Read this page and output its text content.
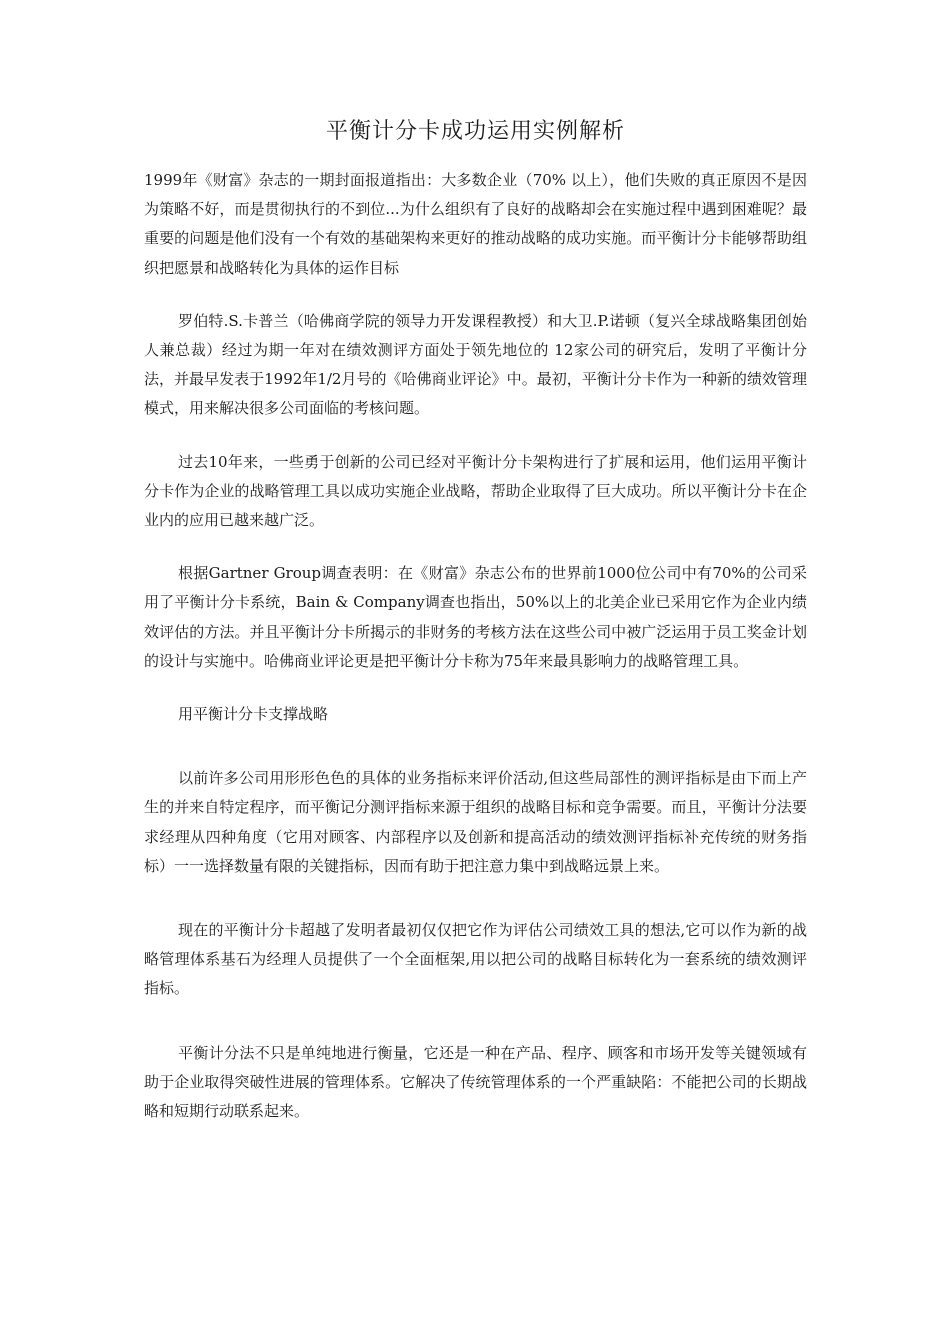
平衡计分卡成功运用实例解析

1999年《财富》杂志的一期封面报道指出：大多数企业（70% 以上），他们失败的真正原因不是因为策略不好，而是贯彻执行的不到位...为什么组织有了良好的战略却会在实施过程中遇到困难呢？最重要的问题是他们没有一个有效的基础架构来更好的推动战略的成功实施。而平衡计分卡能够帮助组织把愿景和战略转化为具体的运作目标

罗伯特.S.卡普兰（哈佛商学院的领导力开发课程教授）和大卫.P.诺顿（复兴全球战略集团创始人兼总裁）经过为期一年对在绩效测评方面处于领先地位的 12家公司的研究后，发明了平衡计分法，并最早发表于1992年1/2月号的《哈佛商业评论》中。最初，平衡计分卡作为一种新的绩效管理模式，用来解决很多公司面临的考核问题。

过去10年来，一些勇于创新的公司已经对平衡计分卡架构进行了扩展和运用，他们运用平衡计分卡作为企业的战略管理工具以成功实施企业战略，帮助企业取得了巨大成功。所以平衡计分卡在企业内的应用已越来越广泛。

根据Gartner Group调查表明：在《财富》杂志公布的世界前1000位公司中有70%的公司采用了平衡计分卡系统，Bain & Company调查也指出，50%以上的北美企业已采用它作为企业内绩效评估的方法。并且平衡计分卡所揭示的非财务的考核方法在这些公司中被广泛运用于员工奖金计划的设计与实施中。哈佛商业评论更是把平衡计分卡称为75年来最具影响力的战略管理工具。

用平衡计分卡支撑战略

以前许多公司用形形色色的具体的业务指标来评价活动,但这些局部性的测评指标是由下而上产生的并来自特定程序，而平衡记分测评指标来源于组织的战略目标和竞争需要。而且，平衡计分法要求经理从四种角度（它用对顾客、内部程序以及创新和提高活动的绩效测评指标补充传统的财务指标）一一选择数量有限的关键指标，因而有助于把注意力集中到战略远景上来。

现在的平衡计分卡超越了发明者最初仅仅把它作为评估公司绩效工具的想法,它可以作为新的战略管理体系基石为经理人员提供了一个全面框架,用以把公司的战略目标转化为一套系统的绩效测评指标。

平衡计分法不只是单纯地进行衡量，它还是一种在产品、程序、顾客和市场开发等关键领域有助于企业取得突破性进展的管理体系。它解决了传统管理体系的一个严重缺陷：不能把公司的长期战略和短期行动联系起来。
